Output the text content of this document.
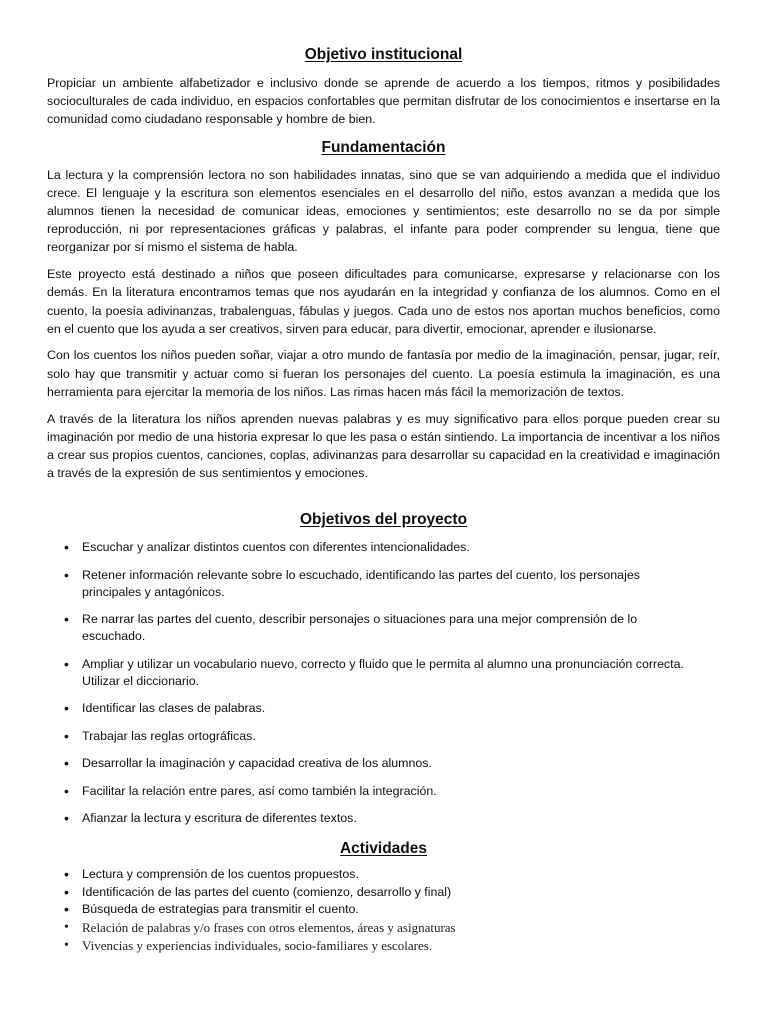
Objetivo institucional

Propiciar un ambiente alfabetizador e inclusivo donde se aprende de acuerdo a los tiempos, ritmos y posibilidades socioculturales de cada individuo, en espacios confortables que permitan disfrutar de los conocimientos e insertarse en la comunidad como ciudadano responsable y hombre de bien.

Fundamentación

La lectura y la comprensión lectora no son habilidades innatas, sino que se van adquiriendo a medida que el individuo crece. El lenguaje y la escritura son elementos esenciales en el desarrollo del niño, estos avanzan a medida que los alumnos tienen la necesidad de comunicar ideas, emociones y sentimientos; este desarrollo no se da por simple reproducción, ni por representaciones gráficas y palabras, el infante para poder comprender su lengua, tiene que reorganizar por sí mismo el sistema de habla.

Este proyecto está destinado a niños que poseen dificultades para comunicarse, expresarse y relacionarse con los demás. En la literatura encontramos temas que nos ayudarán en la integridad y confianza de los alumnos. Como en el cuento, la poesía adivinanzas, trabalenguas, fábulas y juegos. Cada uno de estos nos aportan muchos beneficios, como en el cuento que los ayuda a ser creativos, sirven para educar, para divertir, emocionar, aprender e ilusionarse.

Con los cuentos los niños pueden soñar, viajar a otro mundo de fantasía por medio de la imaginación, pensar, jugar, reír, solo hay que transmitir y actuar como si fueran los personajes del cuento. La poesía estimula la imaginación, es una herramienta para ejercitar la memoria de los niños. Las rimas hacen más fácil la memorización de textos.

A través de la literatura los niños aprenden nuevas palabras y es muy significativo para ellos porque pueden crear su imaginación por medio de una historia expresar lo que les pasa o están sintiendo. La importancia de incentivar a los niños a crear sus propios cuentos, canciones, coplas, adivinanzas para desarrollar su capacidad en la creatividad e imaginación a través de la expresión de sus sentimientos y emociones.

Objetivos del proyecto
• Escuchar y analizar distintos cuentos con diferentes intencionalidades.
• Retener información relevante sobre lo escuchado, identificando las partes del cuento, los personajes principales y antagónicos.
• Re narrar las partes del cuento, describir personajes o situaciones para una mejor comprensión de lo escuchado.
• Ampliar y utilizar un vocabulario nuevo, correcto y fluido que le permita al alumno una pronunciación correcta. Utilizar el diccionario.
• Identificar las clases de palabras.
• Trabajar las reglas ortográficas.
• Desarrollar la imaginación y capacidad creativa de los alumnos.
• Facilitar la relación entre pares, así como también la integración.
• Afianzar la lectura y escritura de diferentes textos.
Actividades
• Lectura y comprensión de los cuentos propuestos.
• Identificación de las partes del cuento (comienzo, desarrollo y final)
• Búsqueda de estrategias para transmitir el cuento.
• Relación de palabras y/o frases con otros elementos, áreas y asignaturas
• Vivencias y experiencias individuales, socio-familiares y escolares.
